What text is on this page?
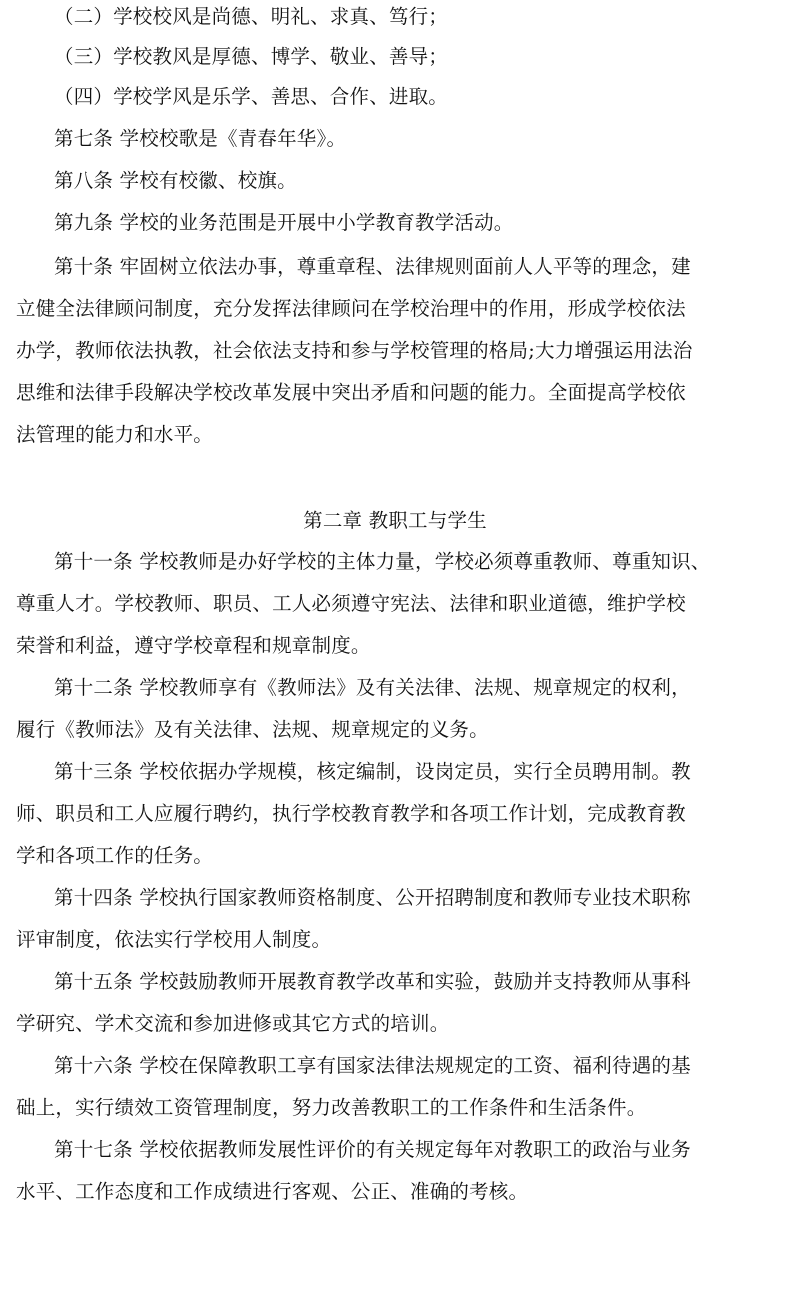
（二）学校校风是尚德、明礼、求真、笃行；

（三）学校教风是厚德、博学、敬业、善导；

（四）学校学风是乐学、善思、合作、进取。

第七条 学校校歌是《青春年华》。

第八条 学校有校徽、校旗。

第九条 学校的业务范围是开展中小学教育教学活动。

第十条 牢固树立依法办事，尊重章程、法律规则面前人人平等的理念，建

立健全法律顾问制度，充分发挥法律顾问在学校治理中的作用，形成学校依法

办学，教师依法执教，社会依法支持和参与学校管理的格局;大力增强运用法治

思维和法律手段解决学校改革发展中突出矛盾和问题的能力。全面提高学校依

法管理的能力和水平。

第二章 教职工与学生

第十一条 学校教师是办好学校的主体力量，学校必须尊重教师、尊重知识、

尊重人才。学校教师、职员、工人必须遵守宪法、法律和职业道德，维护学校

荣誉和利益，遵守学校章程和规章制度。

第十二条 学校教师享有《教师法》及有关法律、法规、规章规定的权利，

履行《教师法》及有关法律、法规、规章规定的义务。

第十三条 学校依据办学规模，核定编制，设岗定员，实行全员聘用制。教

师、职员和工人应履行聘约，执行学校教育教学和各项工作计划，完成教育教

学和各项工作的任务。

第十四条 学校执行国家教师资格制度、公开招聘制度和教师专业技术职称

评审制度，依法实行学校用人制度。

第十五条 学校鼓励教师开展教育教学改革和实验，鼓励并支持教师从事科

学研究、学术交流和参加进修或其它方式的培训。

第十六条 学校在保障教职工享有国家法律法规规定的工资、福利待遇的基

础上，实行绩效工资管理制度，努力改善教职工的工作条件和生活条件。

第十七条 学校依据教师发展性评价的有关规定每年对教职工的政治与业务

水平、工作态度和工作成绩进行客观、公正、准确的考核。
